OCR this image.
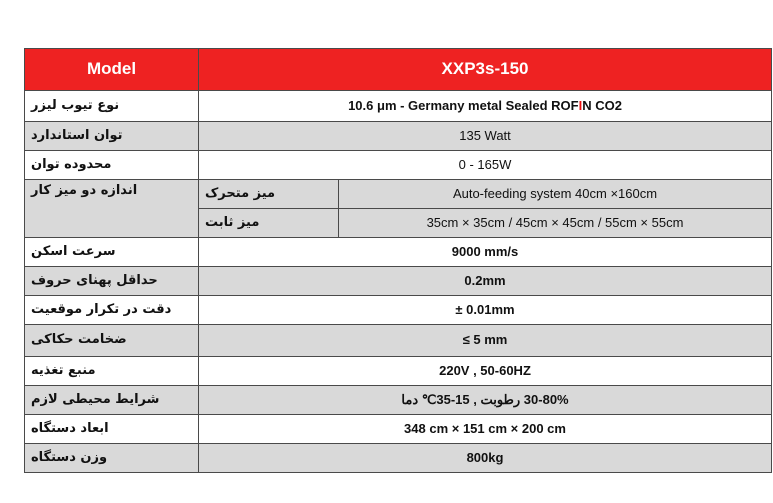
Model	XXP3s-150	
نوع تیوب لیزر	10.6 μm - Germany metal Sealed ROFIN CO2	
توان استاندارد	135 Watt	
محدوده توان	0 - 165W	
اندازه دو میز کار	میز متحرک	Auto-feeding system 40cm ×160cm
	میز ثابت	35cm × 35cm / 45cm × 45cm / 55cm × 55cm
سرعت اسکن	9000 mm/s	
حداقل پهنای حروف	0.2mm	
دقت در تکرار موقعیت	± 0.01mm	
ضخامت حکاکی	≤ 5 mm	
منبع تغذیه	220V , 50-60HZ	
شرایط محیطی لازم	30-80% رطوبت , 15-35℃ دما	
ابعاد دستگاه	348 cm × 151 cm × 200 cm	
وزن دستگاه	800kg	
